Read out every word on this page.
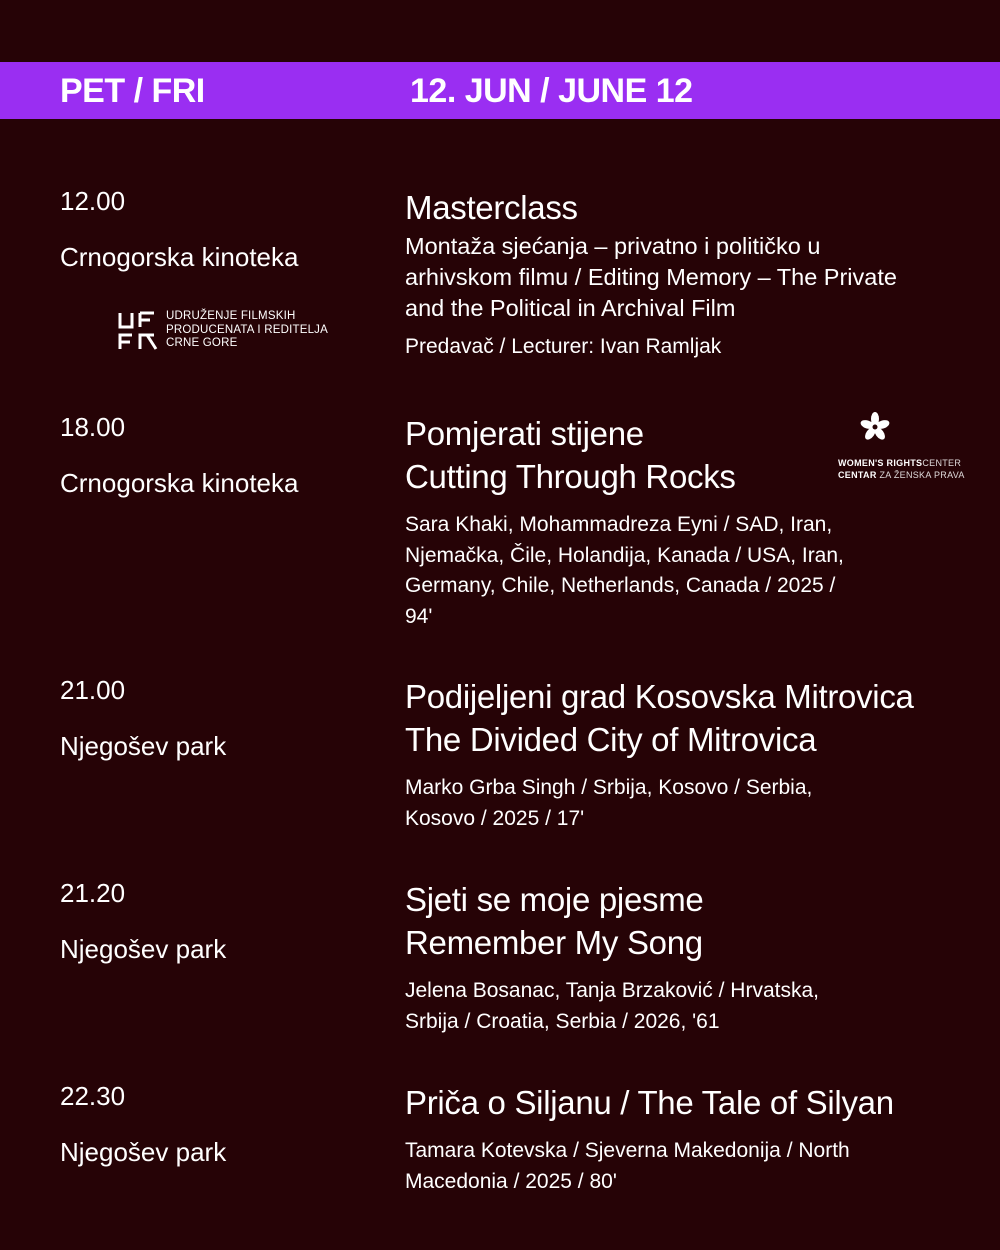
PET / FRI	12. JUN / JUNE 12
12.00
Crnogorska kinoteka
Masterclass
Montaža sjećanja – privatno i političko u arhivskom filmu / Editing Memory – The Private and the Political in Archival Film
Predavač / Lecturer: Ivan Ramljak
UDRUŽENJE FILMSKIH
PRODUCENATA I REDITELJA
CRNE GORE
18.00
Crnogorska kinoteka
Pomjerati stijene
Cutting Through Rocks
Sara Khaki, Mohammadreza Eyni / SAD, Iran, Njemačka, Čile, Holandija, Kanada / USA, Iran, Germany, Chile, Netherlands, Canada / 2025 / 94'
WOMEN'S RIGHTSCENTER
CENTAR ZA ŽENSKA PRAVA
21.00
Njegošev park
Podijeljeni grad Kosovska Mitrovica
The Divided City of Mitrovica
Marko Grba Singh / Srbija, Kosovo / Serbia, Kosovo / 2025 / 17'
21.20
Njegošev park
Sjeti se moje pjesme
Remember My Song
Jelena Bosanac, Tanja Brzaković / Hrvatska, Srbija / Croatia, Serbia / 2026, '61
22.30
Njegošev park
Priča o Siljanu / The Tale of Silyan
Tamara Kotevska / Sjeverna Makedonija / North Macedonia / 2025 / 80'
